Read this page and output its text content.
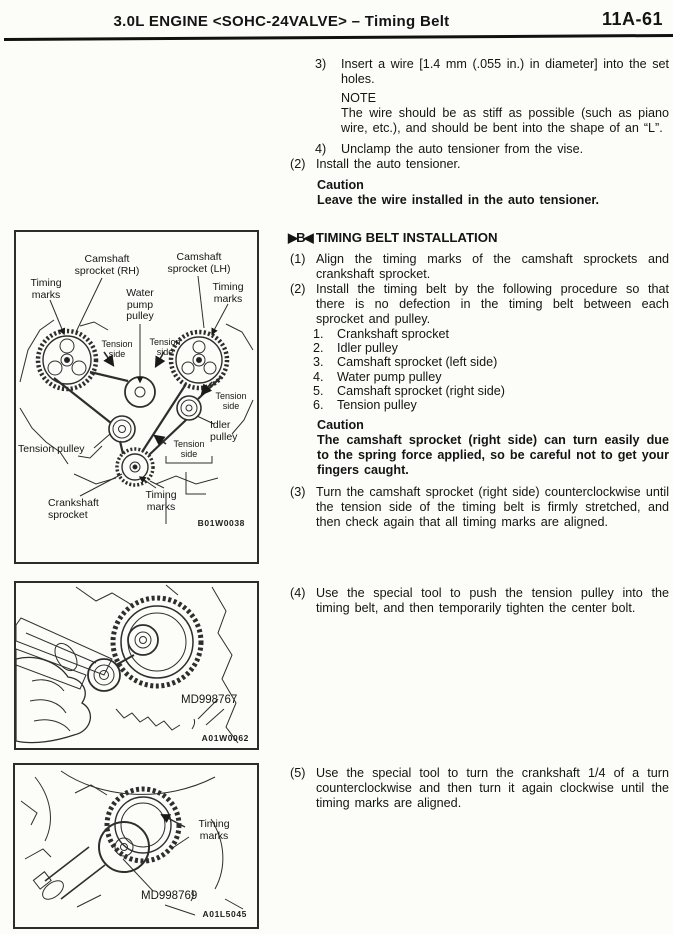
3.0L ENGINE <SOHC-24VALVE> – Timing Belt	11A-61
Camshaft sprocket (RH)
Camshaft sprocket (LH)
Timing marks	Water pump pulley
Timing marks
Tension side
Tension side
Tension side
Idler pulley
Tension side
Tension pulley
Crankshaft sprocket
Timing marks
B01W0038
MD998767
A01W0062
Timing marks
MD998769
A01L5045
3)	Insert a wire [1.4 mm (.055 in.) in diameter] into the set holes.
NOTE
The wire should be as stiff as possible (such as piano wire, etc.), and should be bent into the shape of an “L”.
4)	Unclamp the auto tensioner from the vise.
(2) Install the auto tensioner.
Caution
Leave the wire installed in the auto tensioner.
▶B◀ TIMING BELT INSTALLATION
(1) Align the timing marks of the camshaft sprockets and crankshaft sprocket.
(2) Install the timing belt by the following procedure so that there is no defection in the timing belt between each sprocket and pulley.
1.	Crankshaft sprocket
2.	Idler pulley
3.	Camshaft sprocket (left side)
4.	Water pump pulley
5.	Camshaft sprocket (right side)
6.	Tension pulley
Caution
The camshaft sprocket (right side) can turn easily due to the spring force applied, so be careful not to get your fingers caught.
(3) Turn the camshaft sprocket (right side) counterclockwise until the tension side of the timing belt is firmly stretched, and then check again that all timing marks are aligned.
(4) Use the special tool to push the tension pulley into the timing belt, and then temporarily tighten the center bolt.
(5) Use the special tool to turn the crankshaft 1/4 of a turn counterclockwise and then turn it again clockwise until the timing marks are aligned.
